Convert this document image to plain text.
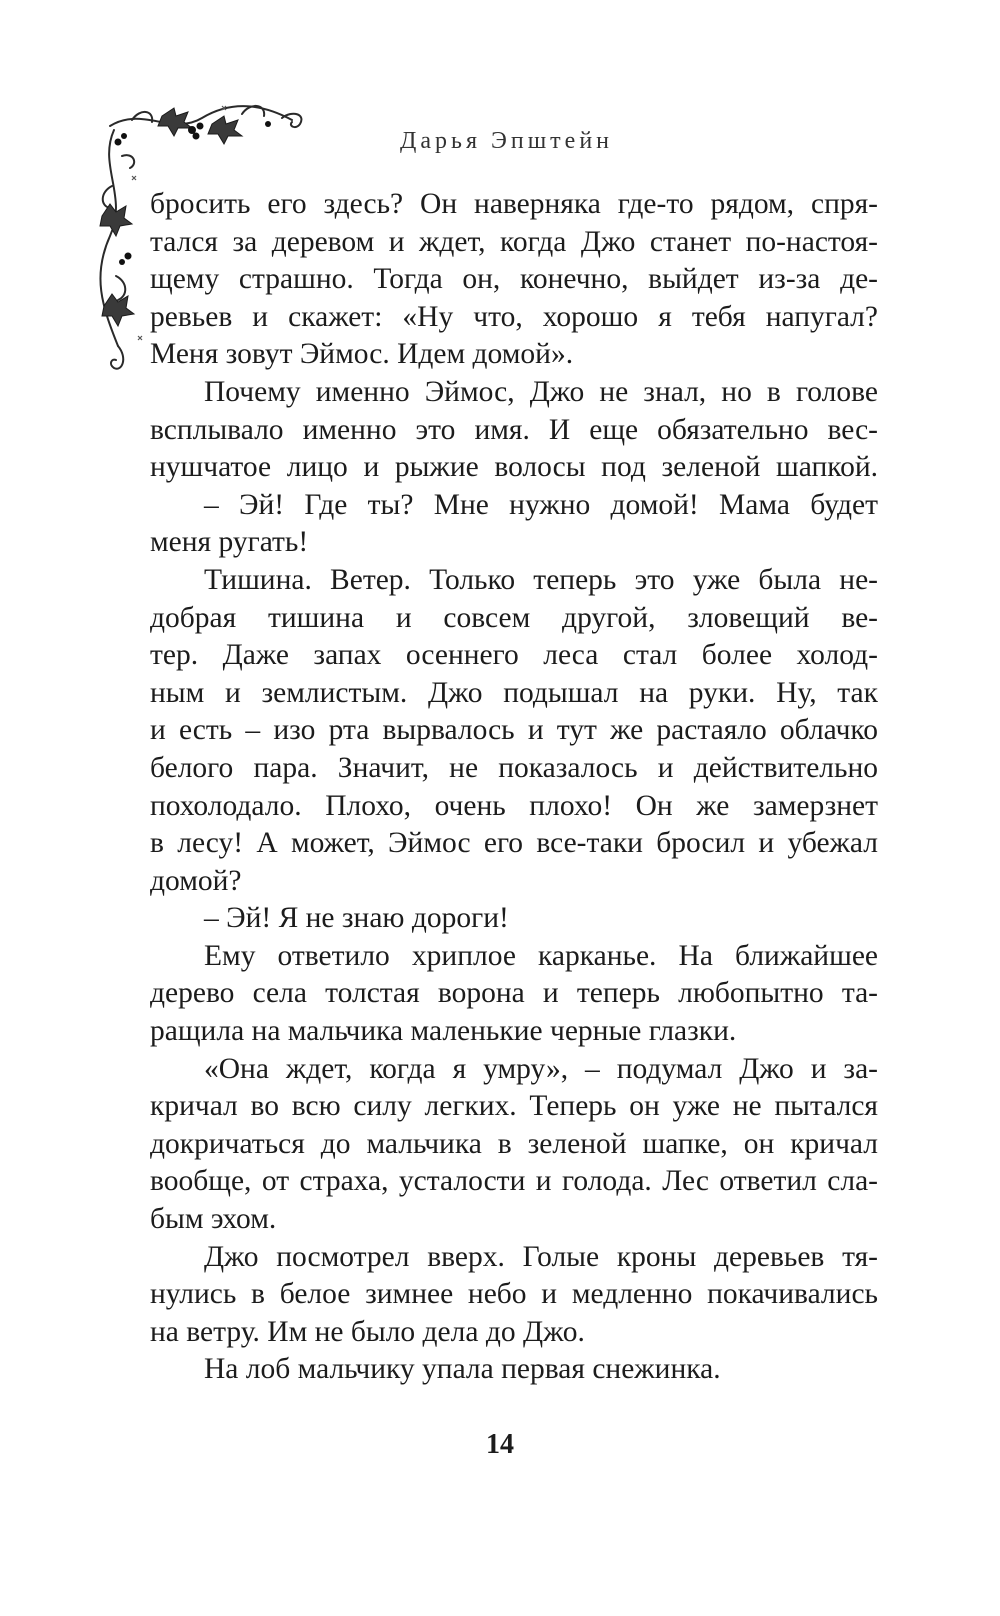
Дарья Эпштейн
бросить его здесь? Он наверняка где-то рядом, спря-
тался за деревом и ждет, когда Джо станет по-настоя-
щему страшно. Тогда он, конечно, выйдет из-за де-
ревьев и скажет: «Ну что, хорошо я тебя напугал?
Меня зовут Эймос. Идем домой».
Почему именно Эймос, Джо не знал, но в голове
всплывало именно это имя. И еще обязательно вес-
нушчатое лицо и рыжие волосы под зеленой шапкой.
– Эй! Где ты? Мне нужно домой! Мама будет
меня ругать!
Тишина. Ветер. Только теперь это уже была не-
добрая тишина и совсем другой, зловещий ве-
тер. Даже запах осеннего леса стал более холод-
ным и землистым. Джо подышал на руки. Ну, так
и есть – изо рта вырвалось и тут же растаяло облачко
белого пара. Значит, не показалось и действительно
похолодало. Плохо, очень плохо! Он же замерзнет
в лесу! А может, Эймос его все-таки бросил и убежал
домой?
– Эй! Я не знаю дороги!
Ему ответило хриплое карканье. На ближайшее
дерево села толстая ворона и теперь любопытно та-
ращила на мальчика маленькие черные глазки.
«Она ждет, когда я умру», – подумал Джо и за-
кричал во всю силу легких. Теперь он уже не пытался
докричаться до мальчика в зеленой шапке, он кричал
вообще, от страха, усталости и голода. Лес ответил сла-
бым эхом.
Джо посмотрел вверх. Голые кроны деревьев тя-
нулись в белое зимнее небо и медленно покачивались
на ветру. Им не было дела до Джо.
На лоб мальчику упала первая снежинка.
14
